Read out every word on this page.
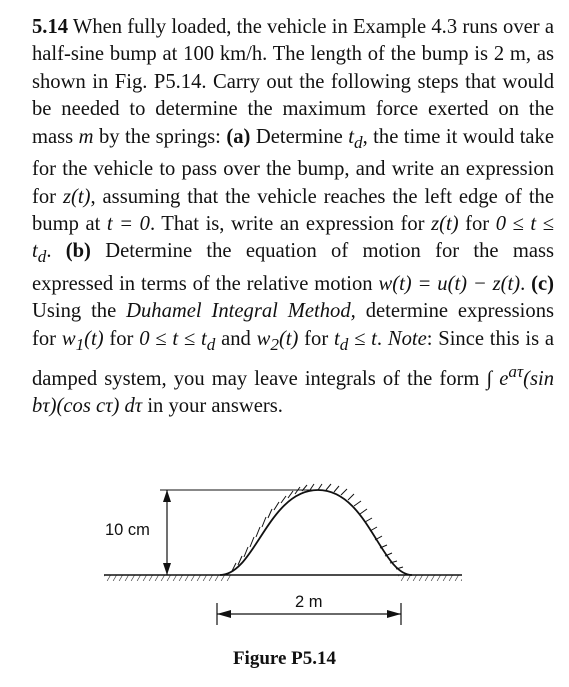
5.14 When fully loaded, the vehicle in Example 4.3 runs over a half-sine bump at 100 km/h. The length of the bump is 2 m, as shown in Fig. P5.14. Carry out the following steps that would be needed to determine the maximum force exerted on the mass m by the springs: (a) Determine $t_d$, the time it would take for the vehicle to pass over the bump, and write an expression for z(t), assuming that the vehicle reaches the left edge of the bump at t = 0. That is, write an expression for z(t) for $0 \le t \le t_d$. (b) Determine the equation of motion for the mass expressed in terms of the relative motion w(t) = u(t) − z(t). (c) Using the Duhamel Integral Method, determine expressions for $w_1(t)$ for $0 \le t \le t_d$ and $w_2(t)$ for $t_d \le t$. Note: Since this is a damped system, you may leave integrals of the form ∫ $e^{a\tau}(\sin$ bτ)(cos cτ) dτ in your answers.

10 cm
2 m

Figure P5.14
